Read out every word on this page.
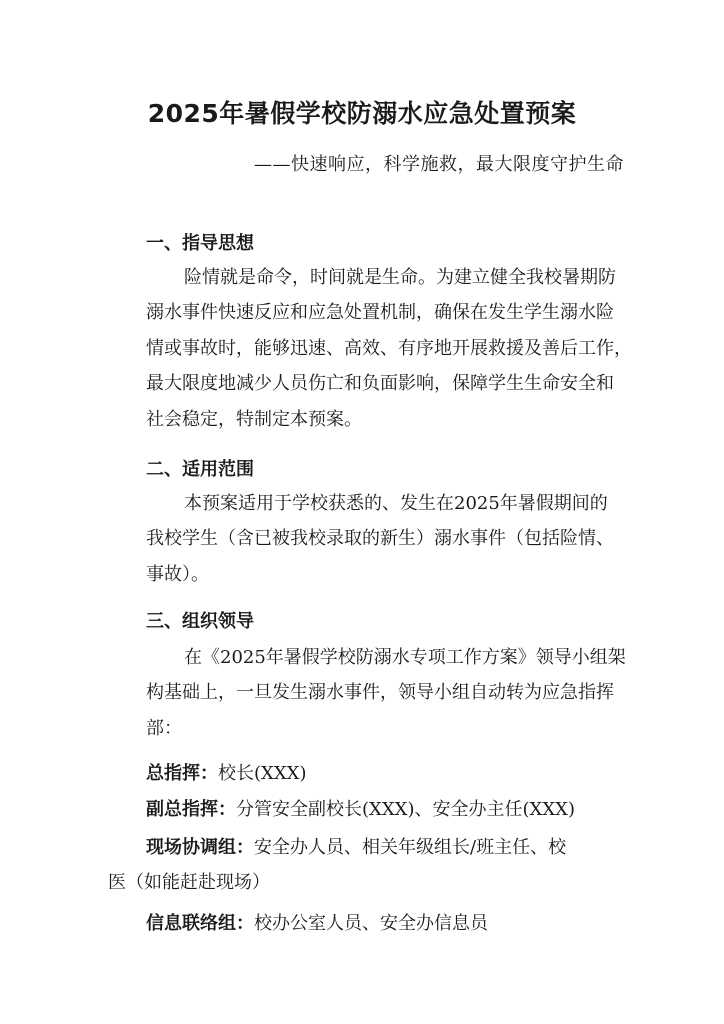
2025年暑假学校防溺水应急处置预案
——快速响应，科学施救，最大限度守护生命
一、指导思想
险情就是命令，时间就是生命。为建立健全我校暑期防
溺水事件快速反应和应急处置机制，确保在发生学生溺水险
情或事故时，能够迅速、高效、有序地开展救援及善后工作，
最大限度地减少人员伤亡和负面影响，保障学生生命安全和
社会稳定，特制定本预案。
二、适用范围
本预案适用于学校获悉的、发生在2025年暑假期间的
我校学生（含已被我校录取的新生）溺水事件（包括险情、
事故）。
三、组织领导
在《2025年暑假学校防溺水专项工作方案》领导小组架
构基础上，一旦发生溺水事件，领导小组自动转为应急指挥
部：
总指挥：校长(XXX)
副总指挥：分管安全副校长(XXX)、安全办主任(XXX)
现场协调组：安全办人员、相关年级组长/班主任、校
医（如能赶赴现场）
信息联络组：校办公室人员、安全办信息员
